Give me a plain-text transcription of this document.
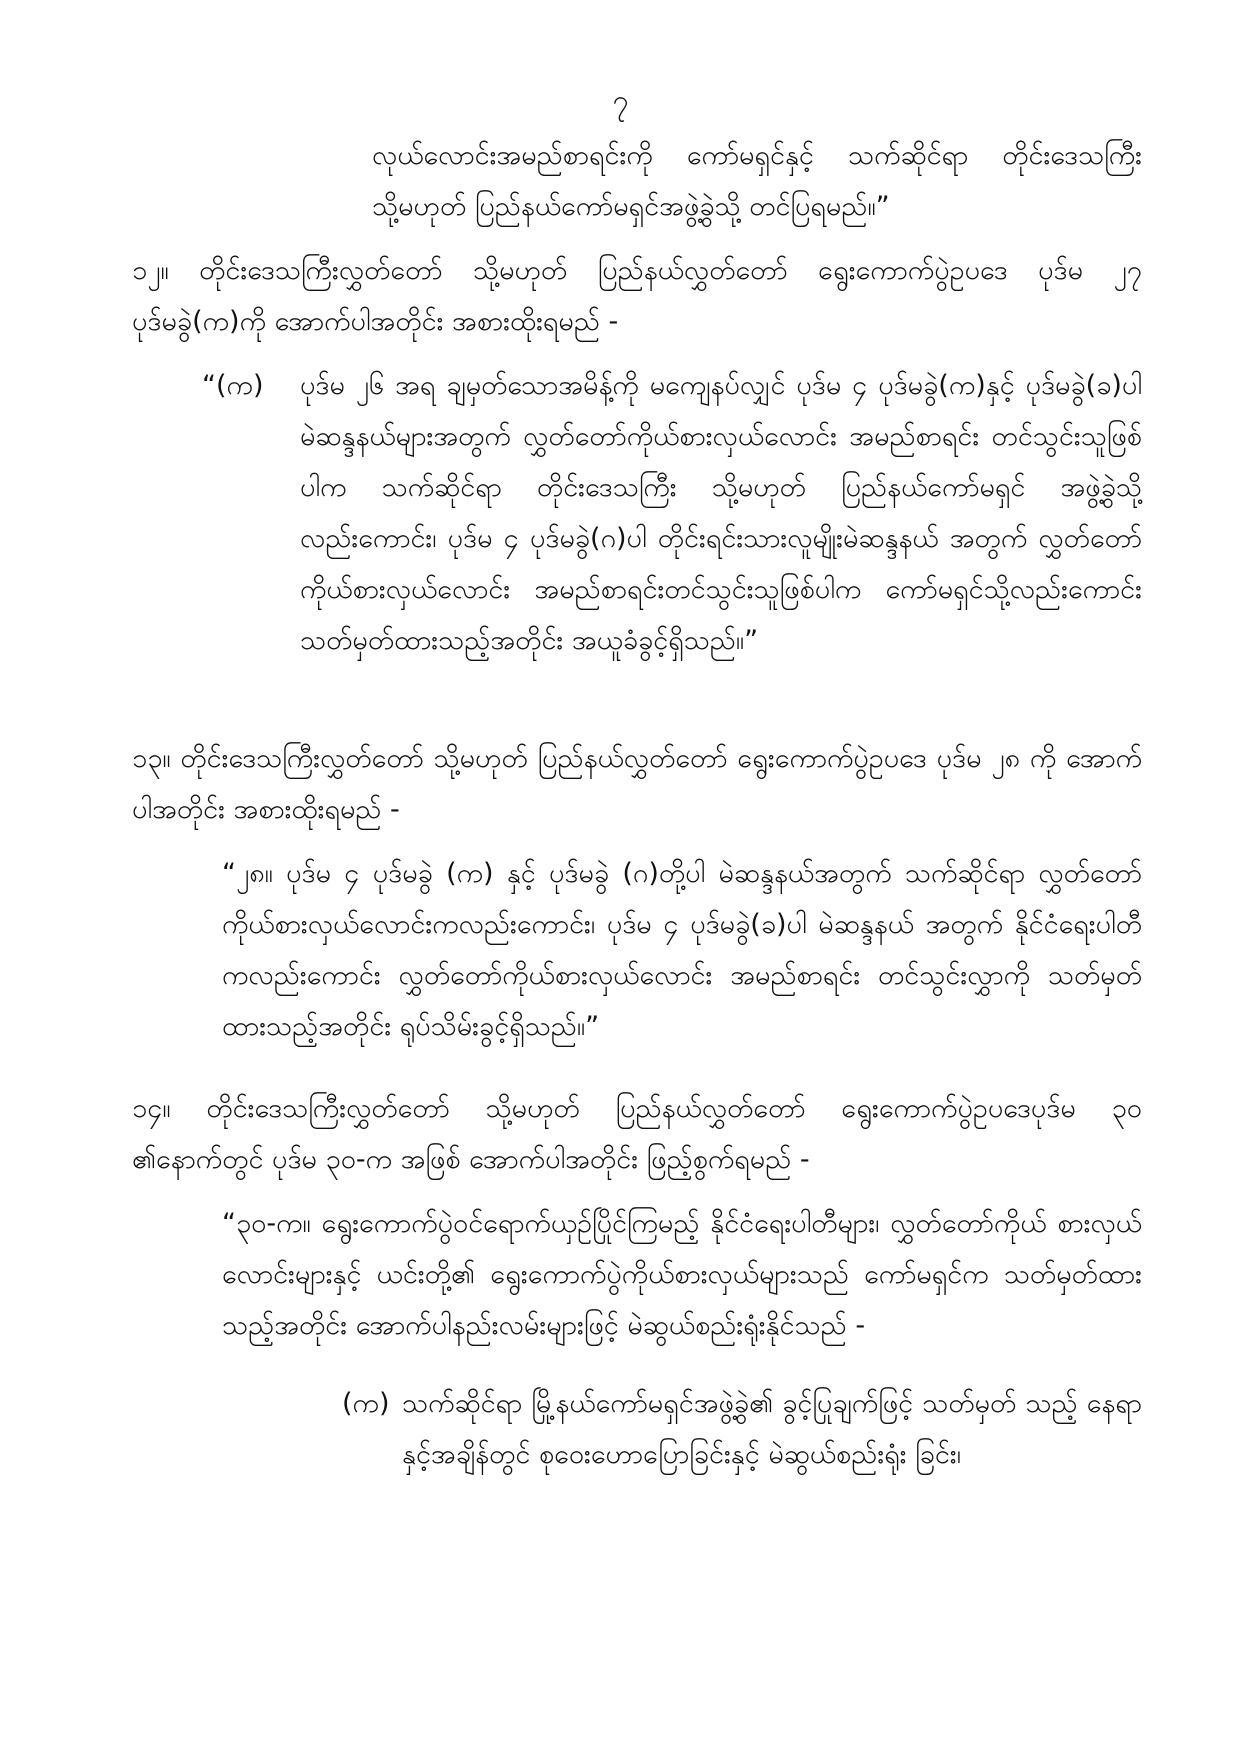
၇

လုယ်လောင်းအမည်စာရင်းကို ကော်မရှင်နှင့် သက်ဆိုင်ရာ တိုင်းဒေသကြီး သို့မဟုတ် ပြည်နယ်ကော်မရှင်အဖွဲ့ခွဲသို့ တင်ပြရမည်။”

၁၂။ တိုင်းဒေသကြီးလွှတ်တော် သို့မဟုတ် ပြည်နယ်လွှတ်တော် ရွေးကောက်ပွဲဥပဒေ ပုဒ်မ ၂၇ ပုဒ်မခွဲ(က)ကို အောက်ပါအတိုင်း အစားထိုးရမည် -

“(က)	ပုဒ်မ ၂၆ အရ ချမှတ်သောအမိန့်ကို မကျေနပ်လျှင် ပုဒ်မ ၄ ပုဒ်မခွဲ(က)နှင့် ပုဒ်မခွဲ(ခ)ပါ မဲဆန္ဒနယ်များအတွက် လွှတ်တော်ကိုယ်စားလှယ်လောင်း အမည်စာရင်း တင်သွင်းသူဖြစ်ပါက သက်ဆိုင်ရာ တိုင်းဒေသကြီး သို့မဟုတ် ပြည်နယ်ကော်မရှင် အဖွဲ့ခွဲသို့လည်းကောင်း၊ ပုဒ်မ ၄ ပုဒ်မခွဲ(ဂ)ပါ တိုင်းရင်းသားလူမျိုးမဲဆန္ဒနယ် အတွက် လွှတ်တော်ကိုယ်စားလှယ်လောင်း အမည်စာရင်းတင်သွင်းသူဖြစ်ပါက ကော်မရှင်သို့လည်းကောင်း သတ်မှတ်ထားသည့်အတိုင်း အယူခံခွင့်ရှိသည်။”

၁၃။ တိုင်းဒေသကြီးလွှတ်တော် သို့မဟုတ် ပြည်နယ်လွှတ်တော် ရွေးကောက်ပွဲဥပဒေ ပုဒ်မ ၂၈ ကို အောက်ပါအတိုင်း အစားထိုးရမည် -

“၂၈။ ပုဒ်မ ၄ ပုဒ်မခွဲ (က) နှင့် ပုဒ်မခွဲ (ဂ)တို့ပါ မဲဆန္ဒနယ်အတွက် သက်ဆိုင်ရာ လွှတ်တော်ကိုယ်စားလှယ်လောင်းကလည်းကောင်း၊ ပုဒ်မ ၄ ပုဒ်မခွဲ(ခ)ပါ မဲဆန္ဒနယ် အတွက် နိုင်ငံရေးပါတီကလည်းကောင်း လွှတ်တော်ကိုယ်စားလှယ်လောင်း အမည်စာရင်း တင်သွင်းလွှာကို သတ်မှတ်ထားသည့်အတိုင်း ရုပ်သိမ်းခွင့်ရှိသည်။”

၁၄။ တိုင်းဒေသကြီးလွှတ်တော် သို့မဟုတ် ပြည်နယ်လွှတ်တော် ရွေးကောက်ပွဲဥပဒေပုဒ်မ ၃၀ ၏နောက်တွင် ပုဒ်မ ၃၀-က အဖြစ် အောက်ပါအတိုင်း ဖြည့်စွက်ရမည် -

“၃၀-က။ ရွေးကောက်ပွဲဝင်ရောက်ယှဉ်ပြိုင်ကြမည့် နိုင်ငံရေးပါတီများ၊ လွှတ်တော်ကိုယ် စားလှယ်လောင်းများနှင့် ယင်းတို့၏ ရွေးကောက်ပွဲကိုယ်စားလှယ်များသည် ကော်မရှင်က သတ်မှတ်ထားသည့်အတိုင်း အောက်ပါနည်းလမ်းများဖြင့် မဲဆွယ်စည်းရုံးနိုင်သည် -

(က) သက်ဆိုင်ရာ မြို့နယ်ကော်မရှင်အဖွဲ့ခွဲ၏ ခွင့်ပြုချက်ဖြင့် သတ်မှတ် သည့် နေရာနှင့်အချိန်တွင် စုဝေးဟောပြောခြင်းနှင့် မဲဆွယ်စည်းရုံး ခြင်း၊
